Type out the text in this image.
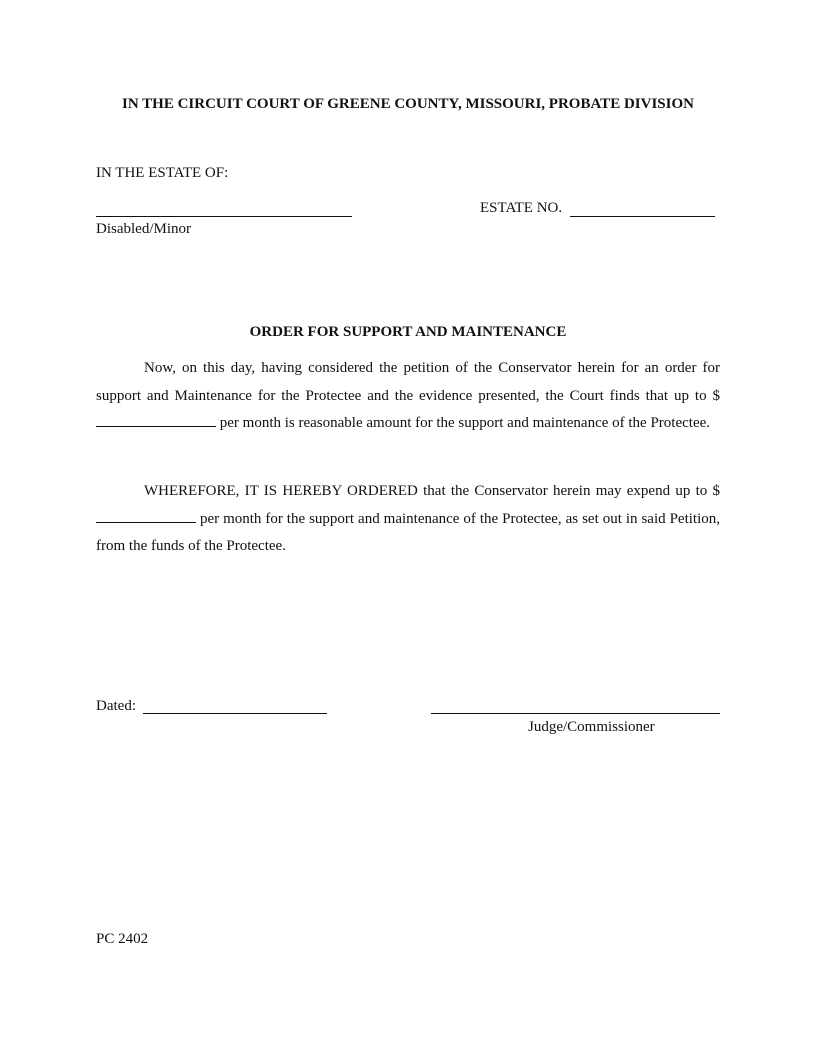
IN THE CIRCUIT COURT OF GREENE COUNTY, MISSOURI, PROBATE DIVISION
IN THE ESTATE OF:
Disabled/Minor
ESTATE NO.
ORDER FOR SUPPORT AND MAINTENANCE
Now, on this day, having considered the petition of the Conservator herein for an order for support and Maintenance for the Protectee and the evidence presented, the Court finds that up to $ per month is reasonable amount for the support and maintenance of the Protectee.
WHEREFORE, IT IS HEREBY ORDERED that the Conservator herein may expend up to $ per month for the support and maintenance of the Protectee, as set out in said Petition, from the funds of the Protectee.
Dated:
Judge/Commissioner
PC 2402
